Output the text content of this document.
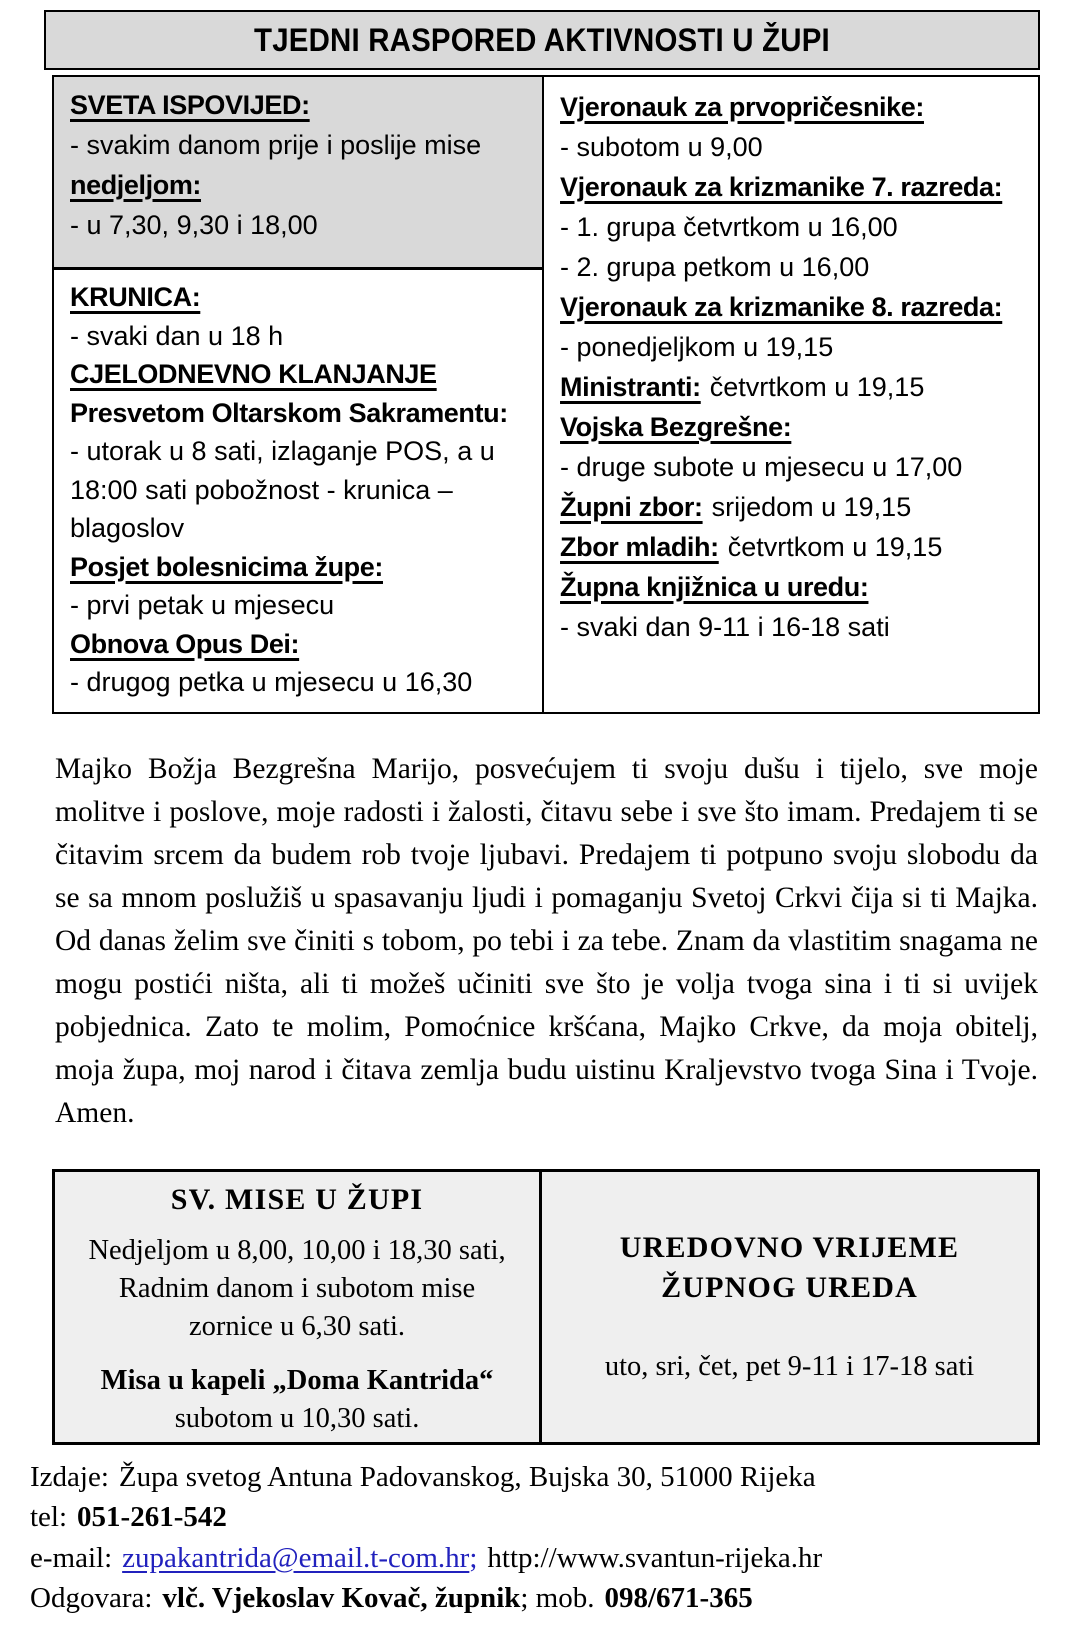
TJEDNI RASPORED AKTIVNOSTI U ŽUPI
SVETA ISPOVIJED:
- svakim danom prije i poslije mise
nedjeljom:
- u 7,30, 9,30 i 18,00
KRUNICA:
- svaki dan u 18 h
CJELODNEVNO KLANJANJE
Presvetom Oltarskom Sakramentu:
- utorak u 8 sati, izlaganje POS, a u 18:00 sati pobožnost - krunica – blagoslov
Posjet bolesnicima župe:
- prvi petak u mjesecu
Obnova Opus Dei:
- drugog petka u mjesecu u 16,30
Vjeronauk za prvopričesnike:
- subotom u 9,00
Vjeronauk za krizmanike 7. razreda:
- 1. grupa četvrtkom u 16,00
- 2. grupa petkom u 16,00
Vjeronauk za krizmanike 8. razreda:
- ponedjeljkom u 19,15
Ministranti: četvrtkom u 19,15
Vojska Bezgrešne:
- druge subote u mjesecu u 17,00
Župni zbor: srijedom u 19,15
Zbor mladih: četvrtkom u 19,15
Župna knjižnica u uredu:
- svaki dan 9-11 i 16-18 sati

Majko Božja Bezgrešna Marijo, posvećujem ti svoju dušu i tijelo, sve moje molitve i poslove, moje radosti i žalosti, čitavu sebe i sve što imam. Predajem ti se čitavim srcem da budem rob tvoje ljubavi. Predajem ti potpuno svoju slobodu da se sa mnom poslužiš u spasavanju ljudi i pomaganju Svetoj Crkvi čija si ti Majka. Od danas želim sve činiti s tobom, po tebi i za tebe. Znam da vlastitim snagama ne mogu postići ništa, ali ti možeš učiniti sve što je volja tvoga sina i ti si uvijek pobjednica. Zato te molim, Pomoćnice kršćana, Majko Crkve, da moja obitelj, moja župa, moj narod i čitava zemlja budu uistinu Kraljevstvo tvoga Sina i Tvoje. Amen.

SV. MISE U ŽUPI
Nedjeljom u 8,00, 10,00 i 18,30 sati,
Radnim danom i subotom mise
zornice u 6,30 sati.
Misa u kapeli „Doma Kantrida“
subotom u 10,30 sati.
UREDOVNO VRIJEME
ŽUPNOG UREDA
uto, sri, čet, pet 9-11 i 17-18 sati
Izdaje: Župa svetog Antuna Padovanskog, Bujska 30, 51000 Rijeka
tel: 051-261-542
e-mail: zupakantrida@email.t-com.hr; http://www.svantun-rijeka.hr
Odgovara: vlč. Vjekoslav Kovač, župnik; mob. 098/671-365
